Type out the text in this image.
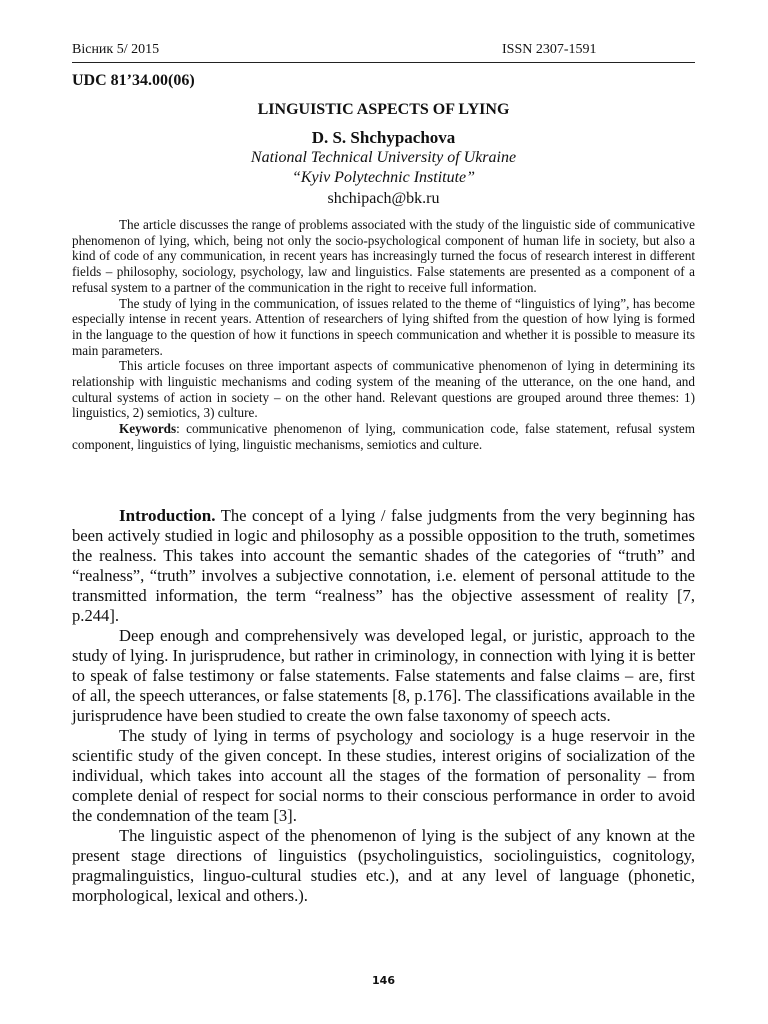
Вісник 5/ 2015	ISSN 2307-1591
UDC 81’34.00(06)
LINGUISTIC ASPECTS OF LYING
D. S. Shchypachova
National Technical University of Ukraine
“Kyiv Polytechnic Institute”
shchipach@bk.ru

The article discusses the range of problems associated with the study of the linguistic side of communicative phenomenon of lying, which, being not only the socio-psychological component of human life in society, but also a kind of code of any communication, in recent years has increasingly turned the focus of research interest in different fields – philosophy, sociology, psychology, law and linguistics. False statements are presented as a component of a refusal system to a partner of the communication in the right to receive full information.

The study of lying in the communication, of issues related to the theme of “linguistics of lying”, has become especially intense in recent years. Attention of researchers of lying shifted from the question of how lying is formed in the language to the question of how it functions in speech communication and whether it is possible to measure its main parameters.

This article focuses on three important aspects of communicative phenomenon of lying in determining its relationship with linguistic mechanisms and coding system of the meaning of the utterance, on the one hand, and cultural systems of action in society – on the other hand. Relevant questions are grouped around three themes: 1) linguistics, 2) semiotics, 3) culture.

Keywords: communicative phenomenon of lying, communication code, false statement, refusal system component, linguistics of lying, linguistic mechanisms, semiotics and culture.

Introduction. The concept of a lying / false judgments from the very beginning has been actively studied in logic and philosophy as a possible opposition to the truth, sometimes the realness. This takes into account the semantic shades of the categories of “truth” and “realness”, “truth” involves a subjective connotation, i.e. element of personal attitude to the transmitted information, the term “realness” has the objective assessment of reality [7, p.244].

Deep enough and comprehensively was developed legal, or juristic, approach to the study of lying. In jurisprudence, but rather in criminology, in connection with lying it is better to speak of false testimony or false statements. False statements and false claims – are, first of all, the speech utterances, or false statements [8, p.176]. The classifications available in the jurisprudence have been studied to create the own false taxonomy of speech acts.

The study of lying in terms of psychology and sociology is a huge reservoir in the scientific study of the given concept. In these studies, interest origins of socialization of the individual, which takes into account all the stages of the formation of personality – from complete denial of respect for social norms to their conscious performance in order to avoid the condemnation of the team [3].

The linguistic aspect of the phenomenon of lying is the subject of any known at the present stage directions of linguistics (psycholinguistics, sociolinguistics, cognitology, pragmalinguistics, linguo-cultural studies etc.), and at any level of language (phonetic, morphological, lexical and others.).

146
